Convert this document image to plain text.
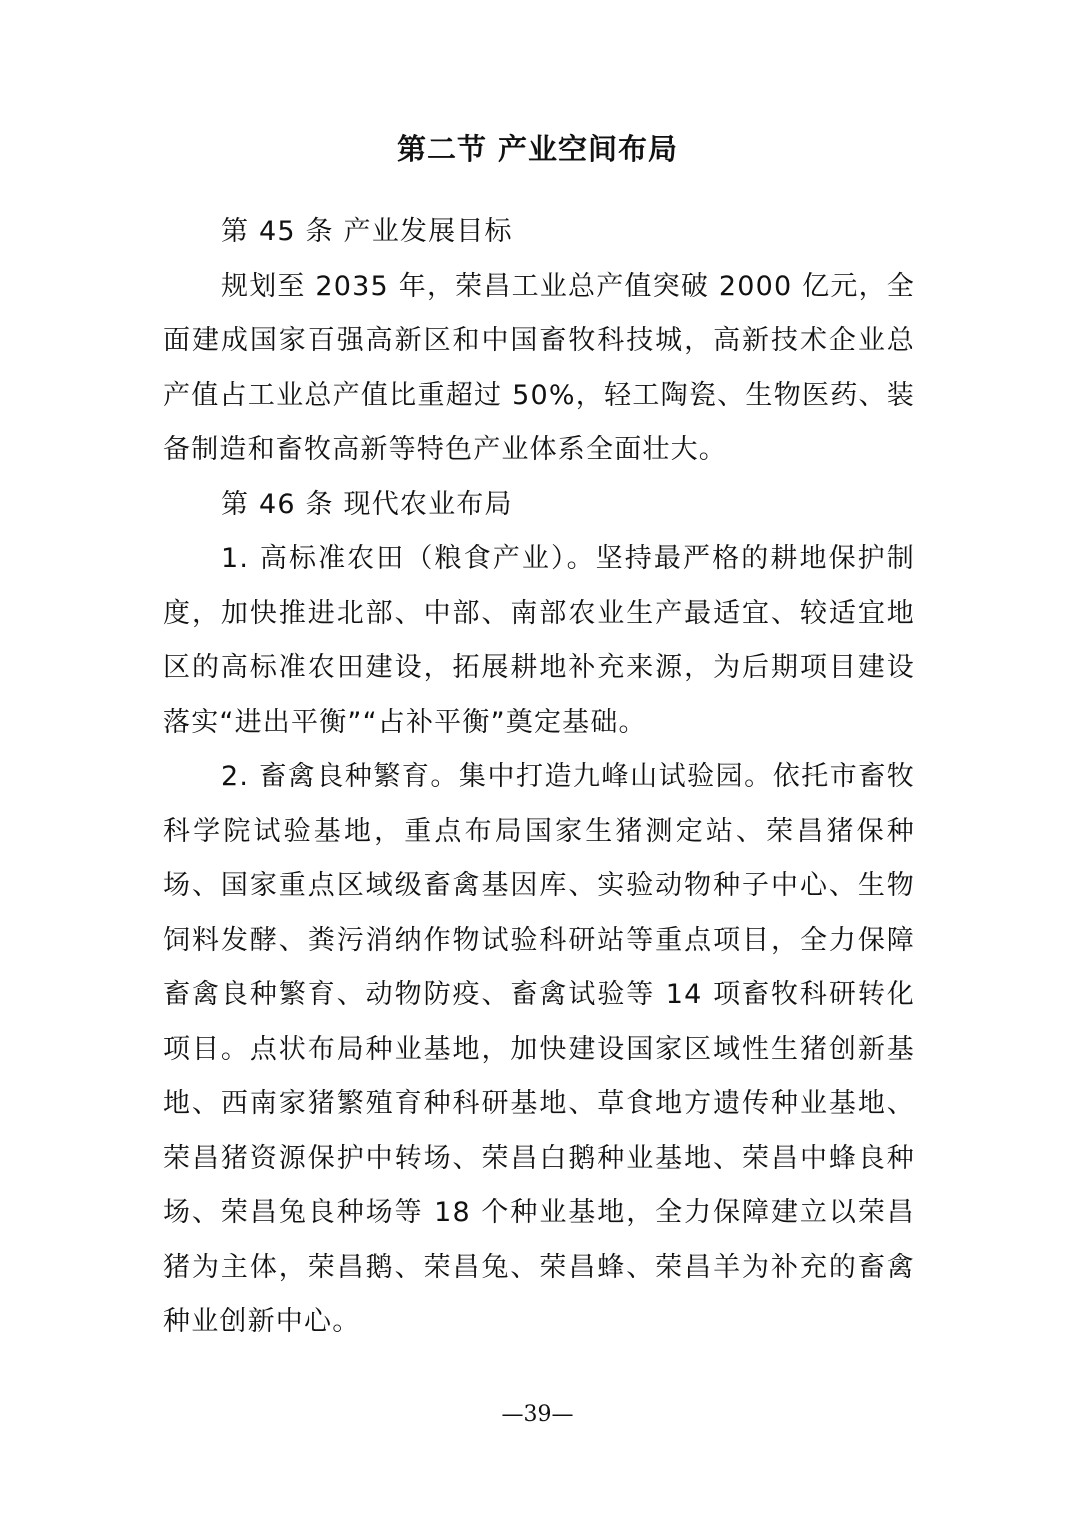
第二节 产业空间布局

第 45 条 产业发展目标

规划至 2035 年，荣昌工业总产值突破 2000 亿元，全面建成国家百强高新区和中国畜牧科技城，高新技术企业总产值占工业总产值比重超过 50%，轻工陶瓷、生物医药、装备制造和畜牧高新等特色产业体系全面壮大。

第 46 条 现代农业布局

1. 高标准农田（粮食产业）。坚持最严格的耕地保护制度，加快推进北部、中部、南部农业生产最适宜、较适宜地区的高标准农田建设，拓展耕地补充来源，为后期项目建设落实“进出平衡”“占补平衡”奠定基础。

2. 畜禽良种繁育。集中打造九峰山试验园。依托市畜牧科学院试验基地，重点布局国家生猪测定站、荣昌猪保种场、国家重点区域级畜禽基因库、实验动物种子中心、生物饲料发酵、粪污消纳作物试验科研站等重点项目，全力保障畜禽良种繁育、动物防疫、畜禽试验等 14 项畜牧科研转化项目。点状布局种业基地，加快建设国家区域性生猪创新基地、西南家猪繁殖育种科研基地、草食地方遗传种业基地、荣昌猪资源保护中转场、荣昌白鹅种业基地、荣昌中蜂良种场、荣昌兔良种场等 18 个种业基地，全力保障建立以荣昌猪为主体，荣昌鹅、荣昌兔、荣昌蜂、荣昌羊为补充的畜禽种业创新中心。

—39—
